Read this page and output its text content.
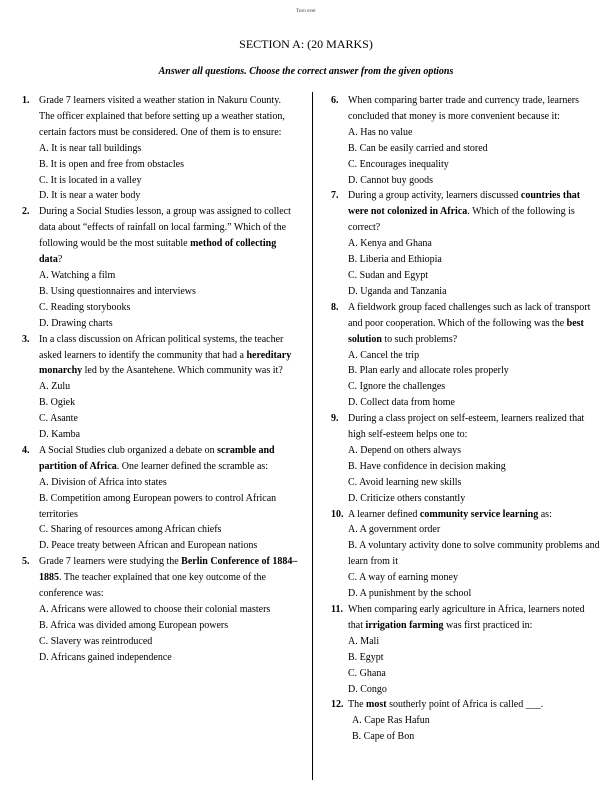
Turn over
SECTION A: (20 MARKS)
Answer all questions. Choose the correct answer from the given options
1. Grade 7 learners visited a weather station in Nakuru County. The officer explained that before setting up a weather station, certain factors must be considered. One of them is to ensure:
A. It is near tall buildings
B. It is open and free from obstacles
C. It is located in a valley
D. It is near a water body
2. During a Social Studies lesson, a group was assigned to collect data about “effects of rainfall on local farming.” Which of the following would be the most suitable method of collecting data?
A. Watching a film
B. Using questionnaires and interviews
C. Reading storybooks
D. Drawing charts
3. In a class discussion on African political systems, the teacher asked learners to identify the community that had a hereditary monarchy led by the Asantehene. Which community was it?
A. Zulu
B. Ogiek
C. Asante
D. Kamba
4. A Social Studies club organized a debate on scramble and partition of Africa. One learner defined the scramble as:
A. Division of Africa into states
B. Competition among European powers to control African territories
C. Sharing of resources among African chiefs
D. Peace treaty between African and European nations
5. Grade 7 learners were studying the Berlin Conference of 1884–1885. The teacher explained that one key outcome of the conference was:
A. Africans were allowed to choose their colonial masters
B. Africa was divided among European powers
C. Slavery was reintroduced
D. Africans gained independence
6. When comparing barter trade and currency trade, learners concluded that money is more convenient because it:
A. Has no value
B. Can be easily carried and stored
C. Encourages inequality
D. Cannot buy goods
7. During a group activity, learners discussed countries that were not colonized in Africa. Which of the following is correct?
A. Kenya and Ghana
B. Liberia and Ethiopia
C. Sudan and Egypt
D. Uganda and Tanzania
8. A fieldwork group faced challenges such as lack of transport and poor cooperation. Which of the following was the best solution to such problems?
A. Cancel the trip
B. Plan early and allocate roles properly
C. Ignore the challenges
D. Collect data from home
9. During a class project on self-esteem, learners realized that high self-esteem helps one to:
A. Depend on others always
B. Have confidence in decision making
C. Avoid learning new skills
D. Criticize others constantly
10. A learner defined community service learning as:
A. A government order
B. A voluntary activity done to solve community problems and learn from it
C. A way of earning money
D. A punishment by the school
11. When comparing early agriculture in Africa, learners noted that irrigation farming was first practiced in:
A. Mali
B. Egypt
C. Ghana
D. Congo
12. The most southerly point of Africa is called ___.
A. Cape Ras Hafun
B. Cape of Bon
